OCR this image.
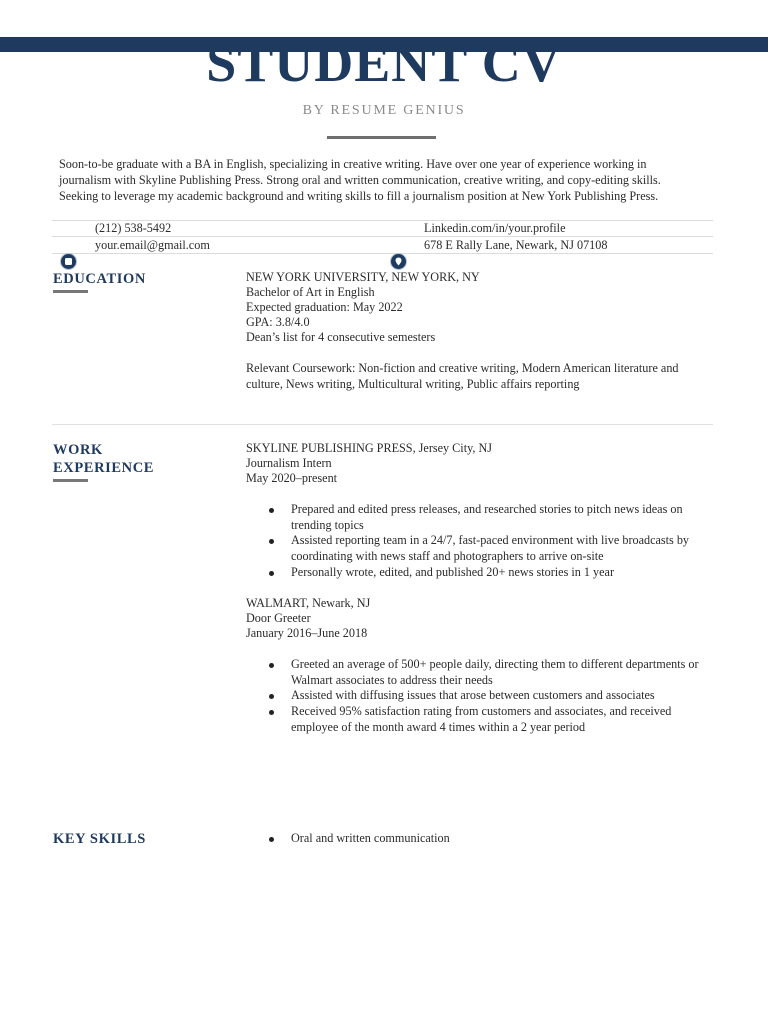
STUDENT CV
BY RESUME GENIUS
Soon-to-be graduate with a BA in English, specializing in creative writing. Have over one year of experience working in journalism with Skyline Publishing Press. Strong oral and written communication, creative writing, and copy-editing skills. Seeking to leverage my academic background and writing skills to fill a journalism position at New York Publishing Press.
(212) 538-5492	Linkedin.com/in/your.profile
your.email@gmail.com	678 E Rally Lane, Newark, NJ 07108
EDUCATION	NEW YORK UNIVERSITY, NEW YORK, NY
Bachelor of Art in English
Expected graduation: May 2022
GPA: 3.8/4.0
Dean’s list for 4 consecutive semesters
Relevant Coursework: Non-fiction and creative writing, Modern American literature and culture, News writing, Multicultural writing, Public affairs reporting
WORK
EXPERIENCE
SKYLINE PUBLISHING PRESS, Jersey City, NJ
Journalism Intern
May 2020–present
Prepared and edited press releases, and researched stories to pitch news ideas on trending topics
Assisted reporting team in a 24/7, fast-paced environment with live broadcasts by coordinating with news staff and photographers to arrive on-site
Personally wrote, edited, and published 20+ news stories in 1 year
WALMART, Newark, NJ
Door Greeter
January 2016–June 2018
Greeted an average of 500+ people daily, directing them to different departments or Walmart associates to address their needs
Assisted with diffusing issues that arose between customers and associates
Received 95% satisfaction rating from customers and associates, and received employee of the month award 4 times within a 2 year period
KEY SKILLS	Oral and written communication
